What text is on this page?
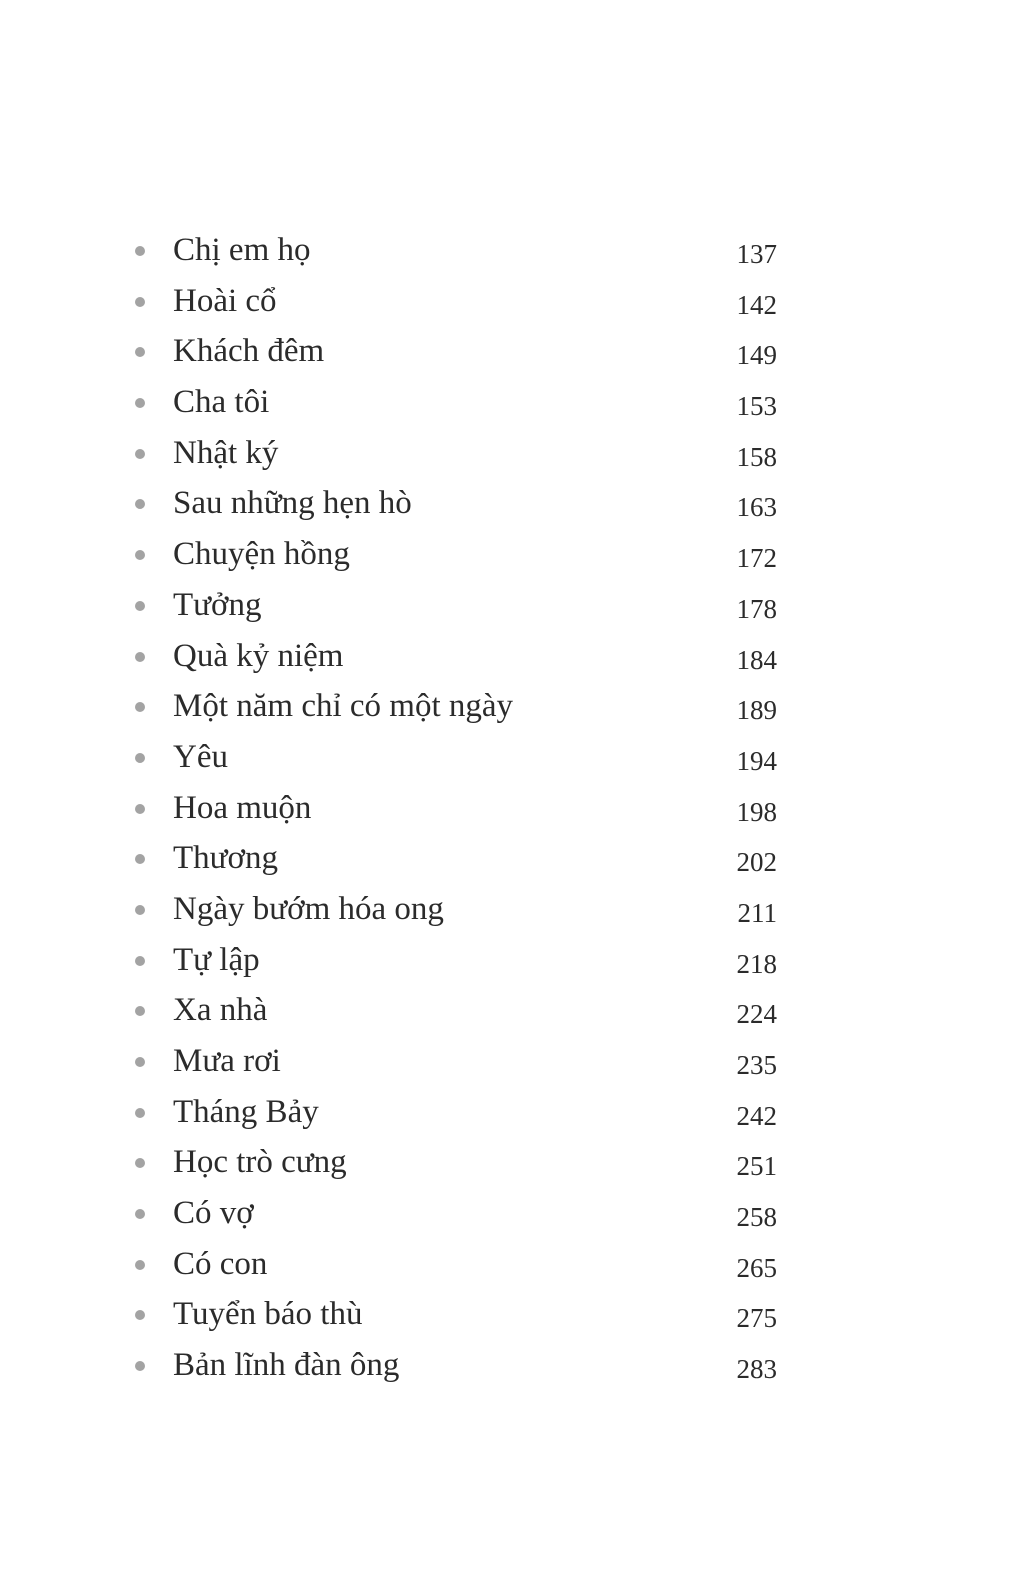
Chị em họ	137
Hoài cổ	142
Khách đêm	149
Cha tôi	153
Nhật ký	158
Sau những hẹn hò	163
Chuyện hồng	172
Tưởng	178
Quà kỷ niệm	184
Một năm chỉ có một ngày	189
Yêu	194
Hoa muộn	198
Thương	202
Ngày bướm hóa ong	211
Tự lập	218
Xa nhà	224
Mưa rơi	235
Tháng Bảy	242
Học trò cưng	251
Có vợ	258
Có con	265
Tuyển báo thù	275
Bản lĩnh đàn ông	283
